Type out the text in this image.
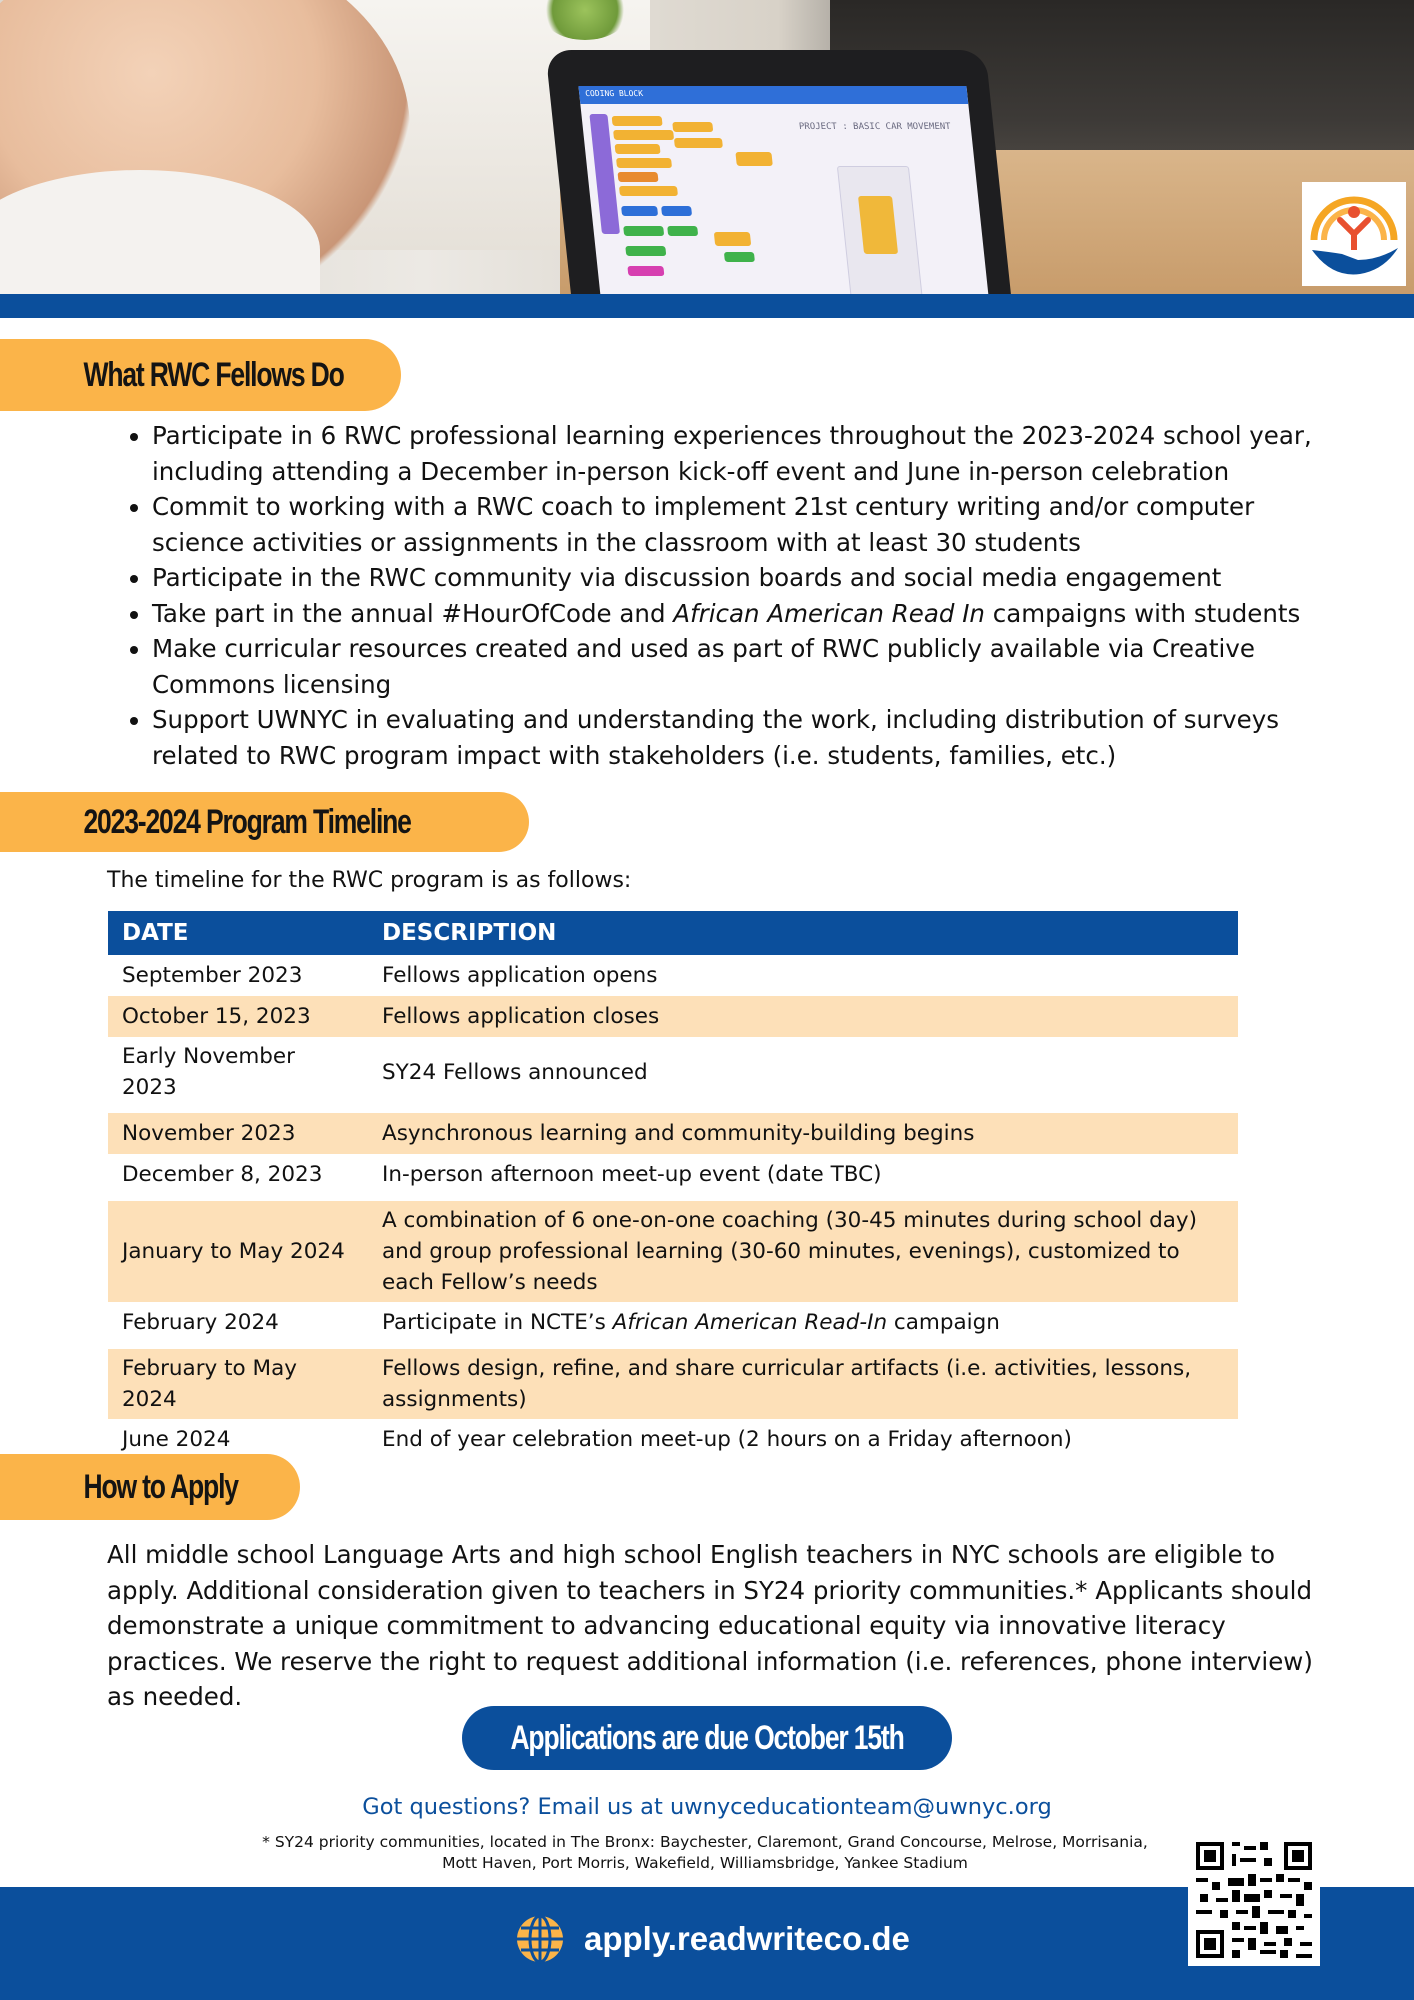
CODING BLOCK
PROJECT : BASIC CAR MOVEMENT
What RWC Fellows Do
• Participate in 6 RWC professional learning experiences throughout the 2023-2024 school year, including attending a December in-person kick-off event and June in-person celebration
• Commit to working with a RWC coach to implement 21st century writing and/or computer science activities or assignments in the classroom with at least 30 students
• Participate in the RWC community via discussion boards and social media engagement
• Take part in the annual #HourOfCode and African American Read In campaigns with students
• Make curricular resources created and used as part of RWC publicly available via Creative Commons licensing
• Support UWNYC in evaluating and understanding the work, including distribution of surveys related to RWC program impact with stakeholders (i.e. students, families, etc.)
2023-2024 Program Timeline
The timeline for the RWC program is as follows:
DATE	DESCRIPTION
September 2023	Fellows application opens
October 15, 2023	Fellows application closes
Early November 2023	SY24 Fellows announced
November 2023	Asynchronous learning and community-building begins
December 8, 2023	In-person afternoon meet-up event (date TBC)
January to May 2024	A combination of 6 one-on-one coaching (30-45 minutes during school day) and group professional learning (30-60 minutes, evenings), customized to each Fellow’s needs
February 2024	Participate in NCTE’s African American Read-In campaign
February to May 2024	Fellows design, refine, and share curricular artifacts (i.e. activities, lessons, assignments)
June 2024	End of year celebration meet-up (2 hours on a Friday afternoon)
How to Apply
All middle school Language Arts and high school English teachers in NYC schools are eligible to apply. Additional consideration given to teachers in SY24 priority communities.* Applicants should demonstrate a unique commitment to advancing educational equity via innovative literacy practices. We reserve the right to request additional information (i.e. references, phone interview) as needed.
Applications are due October 15th
Got questions? Email us at uwnyceducationteam@uwnyc.org
* SY24 priority communities, located in The Bronx: Baychester, Claremont, Grand Concourse, Melrose, Morrisania, Mott Haven, Port Morris, Wakefield, Williamsbridge, Yankee Stadium
apply.readwriteco.de
